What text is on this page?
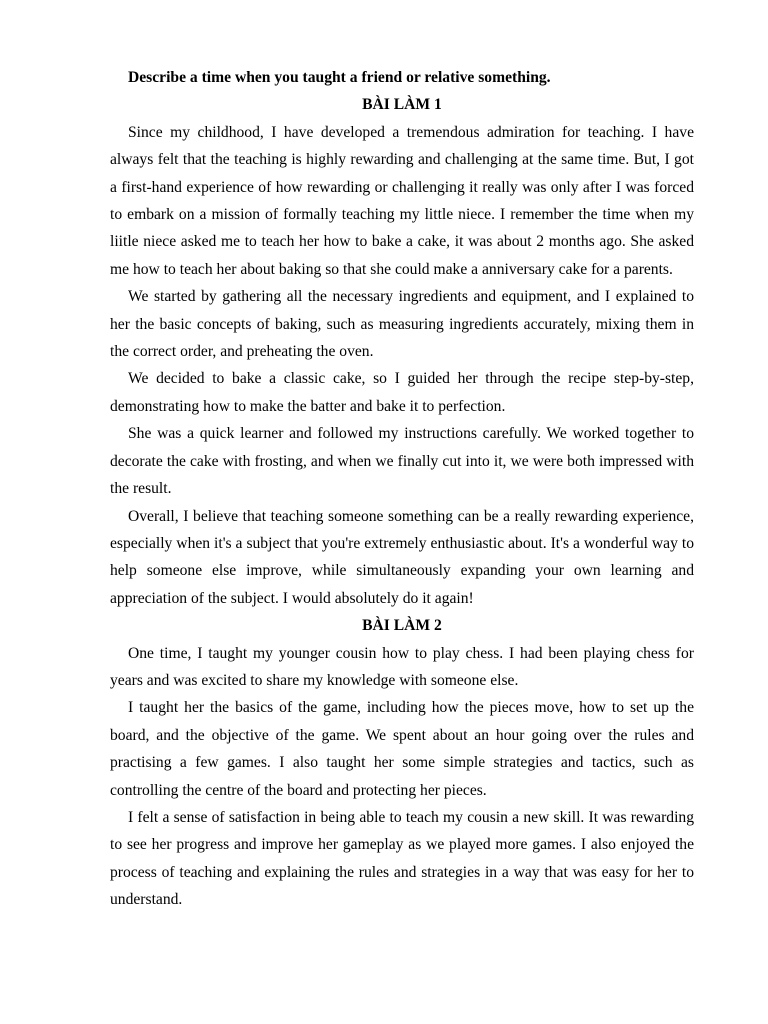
Describe a time when you taught a friend or relative something.

BÀI LÀM 1

Since my childhood, I have developed a tremendous admiration for teaching. I have always felt that the teaching is highly rewarding and challenging at the same time. But, I got a first-hand experience of how rewarding or challenging it really was only after I was forced to embark on a mission of formally teaching my little niece. I remember the time when my liitle niece asked me to teach her how to bake a cake, it was about 2 months ago. She asked me how to teach her about baking so that she could make a anniversary cake for a parents.

We started by gathering all the necessary ingredients and equipment, and I explained to her the basic concepts of baking, such as measuring ingredients accurately, mixing them in the correct order, and preheating the oven.

We decided to bake a classic cake, so I guided her through the recipe step-by-step, demonstrating how to make the batter and bake it to perfection.

She was a quick learner and followed my instructions carefully. We worked together to decorate the cake with frosting, and when we finally cut into it, we were both impressed with the result.

Overall, I believe that teaching someone something can be a really rewarding experience, especially when it's a subject that you're extremely enthusiastic about. It's a wonderful way to help someone else improve, while simultaneously expanding your own learning and appreciation of the subject. I would absolutely do it again!

BÀI LÀM 2

One time, I taught my younger cousin how to play chess. I had been playing chess for years and was excited to share my knowledge with someone else.

I taught her the basics of the game, including how the pieces move, how to set up the board, and the objective of the game. We spent about an hour going over the rules and practising a few games. I also taught her some simple strategies and tactics, such as controlling the centre of the board and protecting her pieces.

I felt a sense of satisfaction in being able to teach my cousin a new skill. It was rewarding to see her progress and improve her gameplay as we played more games. I also enjoyed the process of teaching and explaining the rules and strategies in a way that was easy for her to understand.
